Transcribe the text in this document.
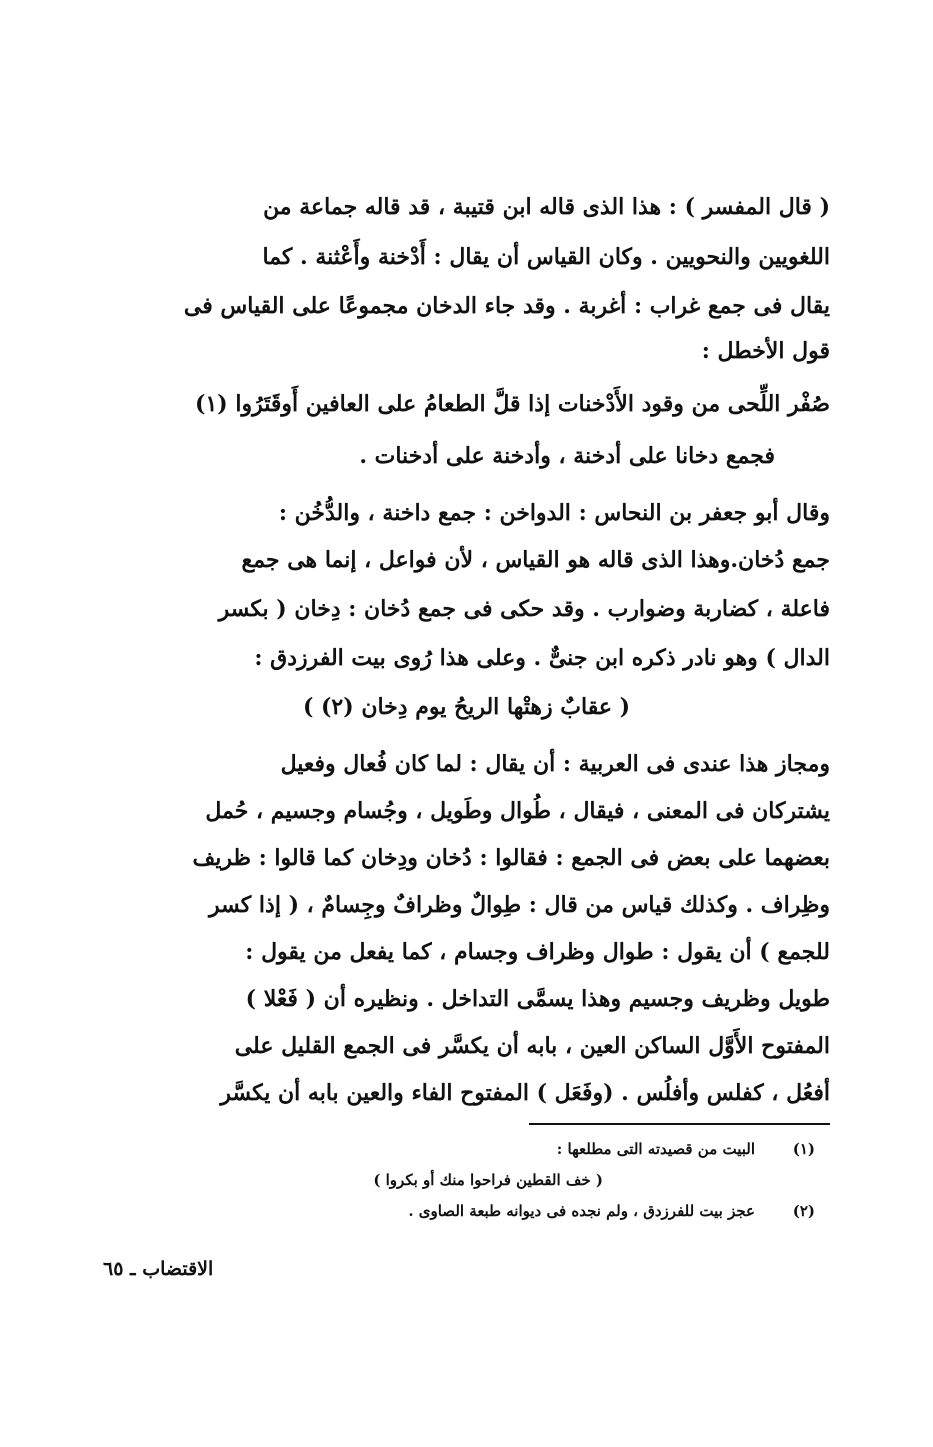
( قال المفسر ) : هذا الذى قاله ابن قتيبة ، قد قاله جماعة من

اللغويين والنحويين . وكان القياس أن يقال : أَدْخنة وأَعْثنة . كما

يقال فى جمع غراب : أغربة . وقد جاء الدخان مجموعًا على القياس فى

قول الأخطل :

صُفْر اللِّحى من وقود الأَدْخنات إذا قلَّ الطعامُ على العافين أَوقَتَرُوا (١)

فجمع دخانا على أدخنة ، وأدخنة على أدخنات .

وقال أبو جعفر بن النحاس : الدواخن : جمع داخنة ، والدُّخُن :

جمع دُخان.وهذا الذى قاله هو القياس ، لأن فواعل ، إنما هى جمع

فاعلة ، كضاربة وضوارب . وقد حكى فى جمع دُخان : دِخان ( بكسر

الدال ) وهو نادر ذكره ابن جنىٌّ . وعلى هذا رُوى بيت الفرزدق :

( عقابٌ زهتْها الريحُ يوم دِخان (٢) )

ومجاز هذا عندى فى العربية : أن يقال : لما كان فُعال وفعيل

يشتركان فى المعنى ، فيقال ، طُوال وطَويل ، وجُسام وجسيم ، حُمل

بعضهما على بعض فى الجمع : فقالوا : دُخان ودِخان كما قالوا : ظريف

وظِراف . وكذلك قياس من قال : طِوالٌ وظرافٌ وجِسامٌ ، ( إذا كسر

للجمع ) أن يقول : طوال وظراف وجسام ، كما يفعل من يقول :

طويل وظريف وجسيم وهذا يسمَّى التداخل . ونظيره أن ( فَعْلا )

المفتوح الأَوَّل الساكن العين ، بابه أن يكسَّر فى الجمع القليل على

أفعُل ، كفلس وأفلُس . (وفَعَل ) المفتوح الفاء والعين بابه أن يكسَّر

(١)
البيت من قصيدته التى مطلعها :
( خف القطين فراحوا منك أو بكروا )
(٢)
عجز بيت للفرزدق ، ولم نجده فى ديوانه طبعة الصاوى .
الاقتضاب ـ ٦٥
